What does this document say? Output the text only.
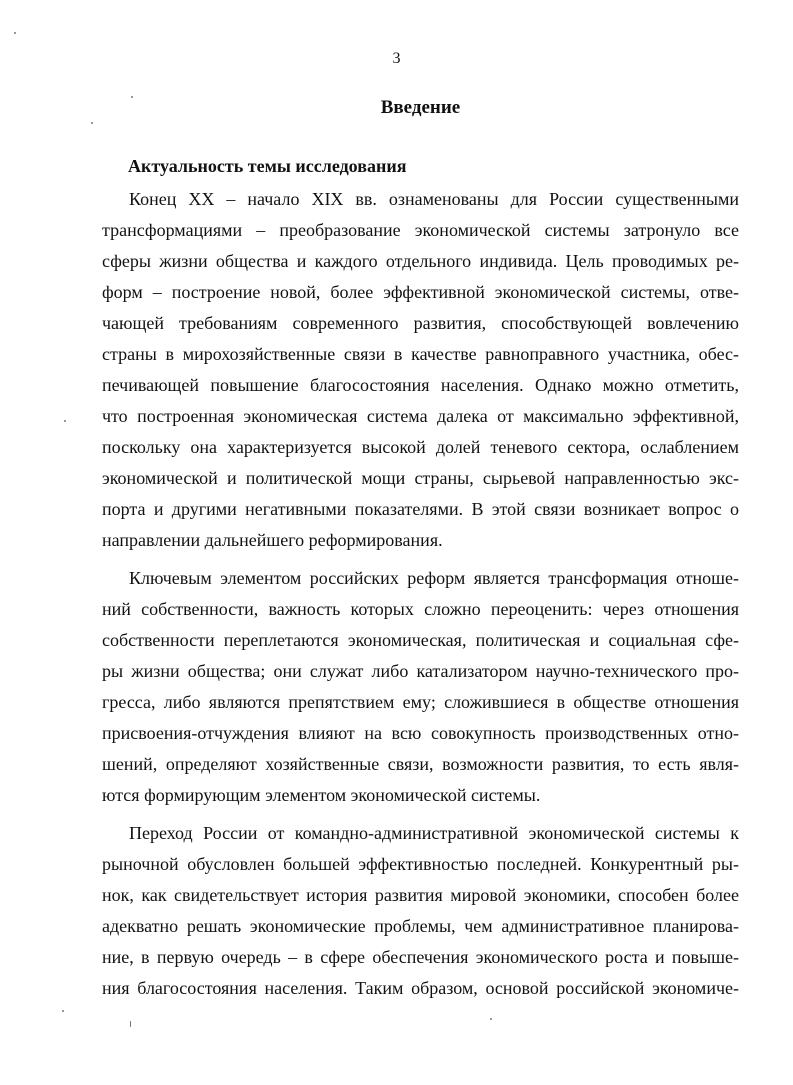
3
Введение
Актуальность темы исследования
Конец XX – начало XIX вв. ознаменованы для России существенными
трансформациями – преобразование экономической системы затронуло все
сферы жизни общества и каждого отдельного индивида. Цель проводимых ре-
форм – построение новой, более эффективной экономической системы, отве-
чающей требованиям современного развития, способствующей вовлечению
страны в мирохозяйственные связи в качестве равноправного участника, обес-
печивающей повышение благосостояния населения. Однако можно отметить,
что построенная экономическая система далека от максимально эффективной,
поскольку она характеризуется высокой долей теневого сектора, ослаблением
экономической и политической мощи страны, сырьевой направленностью экс-
порта и другими негативными показателями. В этой связи возникает вопрос о
направлении дальнейшего реформирования.
Ключевым элементом российских реформ является трансформация отноше-
ний собственности, важность которых сложно переоценить: через отношения
собственности переплетаются экономическая, политическая и социальная сфе-
ры жизни общества; они служат либо катализатором научно-технического про-
гресса, либо являются препятствием ему; сложившиеся в обществе отношения
присвоения-отчуждения влияют на всю совокупность производственных отно-
шений, определяют хозяйственные связи, возможности развития, то есть явля-
ются формирующим элементом экономической системы.
Переход России от командно-административной экономической системы к
рыночной обусловлен большей эффективностью последней. Конкурентный ры-
нок, как свидетельствует история развития мировой экономики, способен более
адекватно решать экономические проблемы, чем административное планирова-
ние, в первую очередь – в сфере обеспечения экономического роста и повыше-
ния благосостояния населения. Таким образом, основой российской экономиче-
